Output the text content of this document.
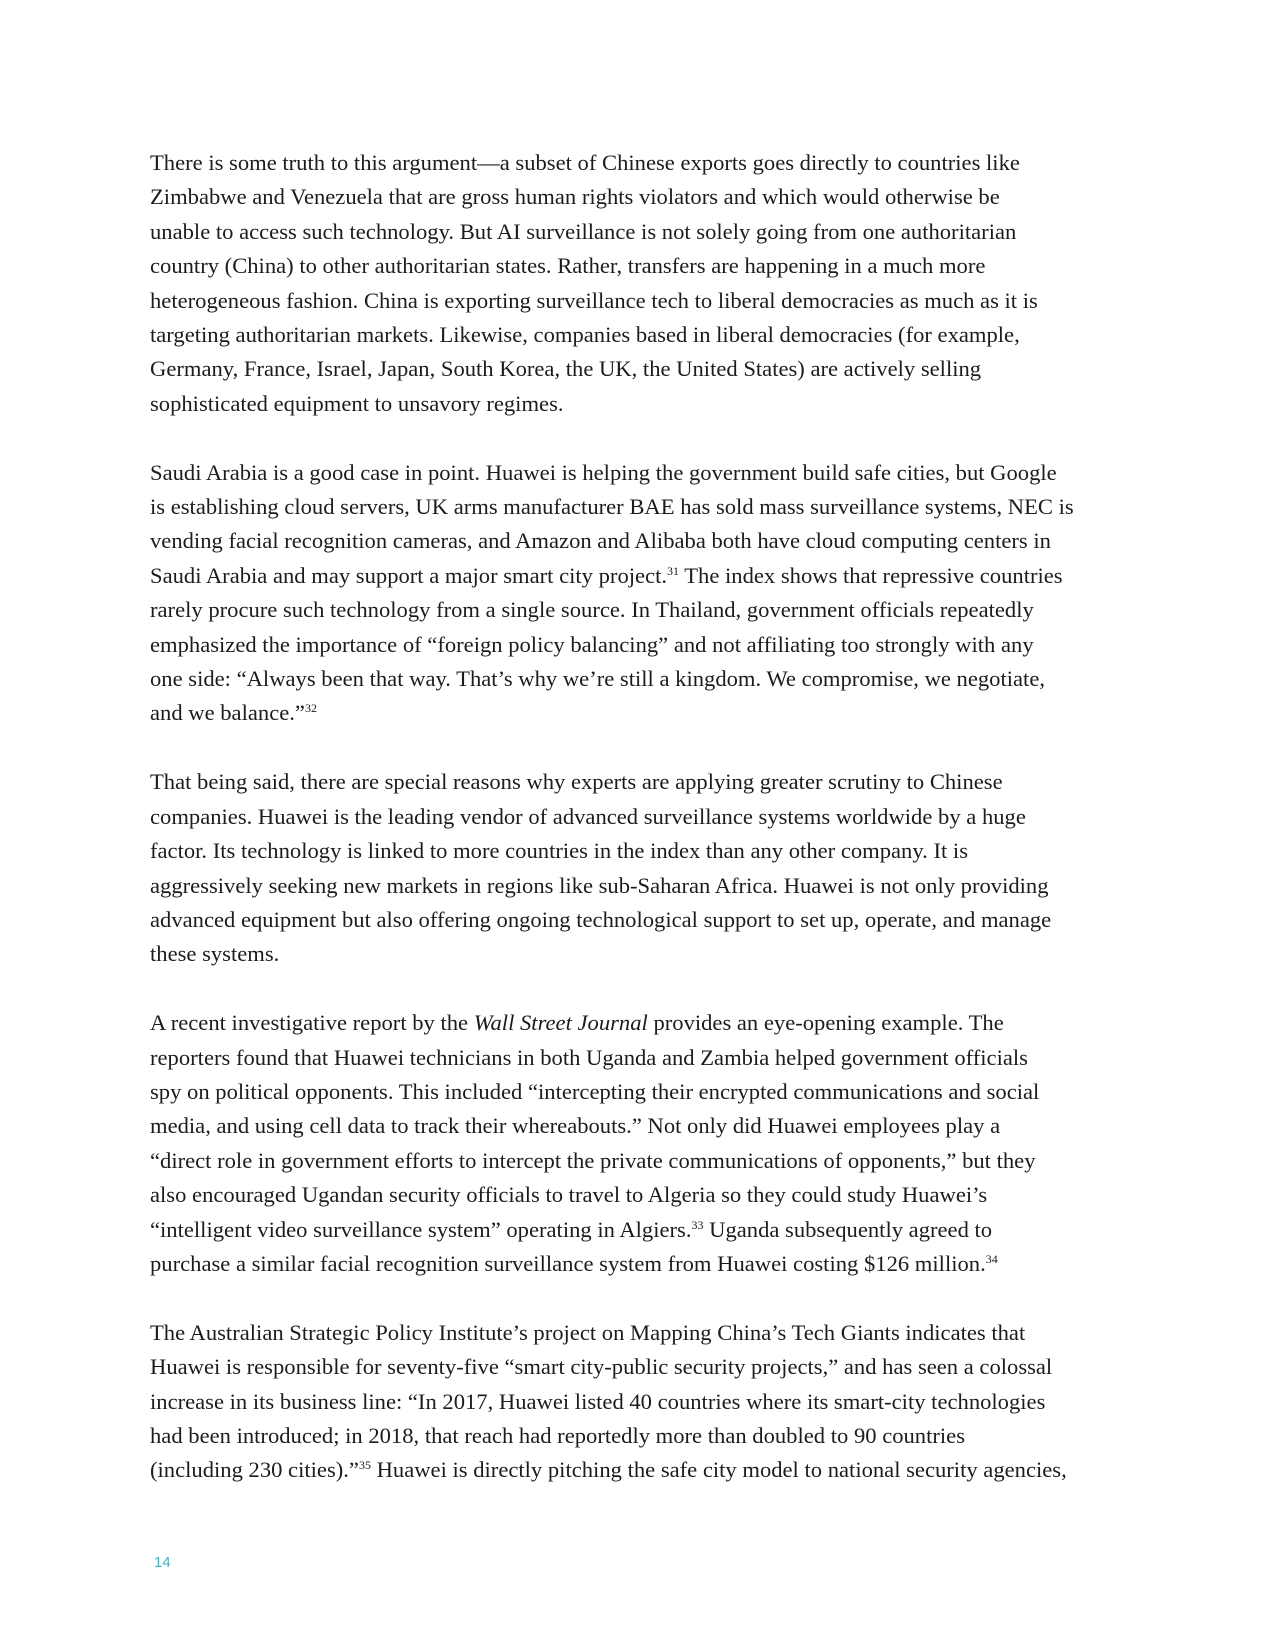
There is some truth to this argument—a subset of Chinese exports goes directly to countries like
Zimbabwe and Venezuela that are gross human rights violators and which would otherwise be
unable to access such technology. But AI surveillance is not solely going from one authoritarian
country (China) to other authoritarian states. Rather, transfers are happening in a much more
heterogeneous fashion. China is exporting surveillance tech to liberal democracies as much as it is
targeting authoritarian markets. Likewise, companies based in liberal democracies (for example,
Germany, France, Israel, Japan, South Korea, the UK, the United States) are actively selling
sophisticated equipment to unsavory regimes.

Saudi Arabia is a good case in point. Huawei is helping the government build safe cities, but Google
is establishing cloud servers, UK arms manufacturer BAE has sold mass surveillance systems, NEC is
vending facial recognition cameras, and Amazon and Alibaba both have cloud computing centers in
Saudi Arabia and may support a major smart city project.$^{31}$ The index shows that repressive countries
rarely procure such technology from a single source. In Thailand, government officials repeatedly
emphasized the importance of “foreign policy balancing” and not affiliating too strongly with any
one side: “Always been that way. That’s why we’re still a kingdom. We compromise, we negotiate,
and we balance.”$^{32}$

That being said, there are special reasons why experts are applying greater scrutiny to Chinese
companies. Huawei is the leading vendor of advanced surveillance systems worldwide by a huge
factor. Its technology is linked to more countries in the index than any other company. It is
aggressively seeking new markets in regions like sub-Saharan Africa. Huawei is not only providing
advanced equipment but also offering ongoing technological support to set up, operate, and manage
these systems.

A recent investigative report by the Wall Street Journal provides an eye-opening example. The
reporters found that Huawei technicians in both Uganda and Zambia helped government officials
spy on political opponents. This included “intercepting their encrypted communications and social
media, and using cell data to track their whereabouts.” Not only did Huawei employees play a
“direct role in government efforts to intercept the private communications of opponents,” but they
also encouraged Ugandan security officials to travel to Algeria so they could study Huawei’s
“intelligent video surveillance system” operating in Algiers.$^{33}$ Uganda subsequently agreed to
purchase a similar facial recognition surveillance system from Huawei costing $126 million.$^{34}$

The Australian Strategic Policy Institute’s project on Mapping China’s Tech Giants indicates that
Huawei is responsible for seventy-five “smart city-public security projects,” and has seen a colossal
increase in its business line: “In 2017, Huawei listed 40 countries where its smart-city technologies
had been introduced; in 2018, that reach had reportedly more than doubled to 90 countries
(including 230 cities).”$^{35}$ Huawei is directly pitching the safe city model to national security agencies,

14
